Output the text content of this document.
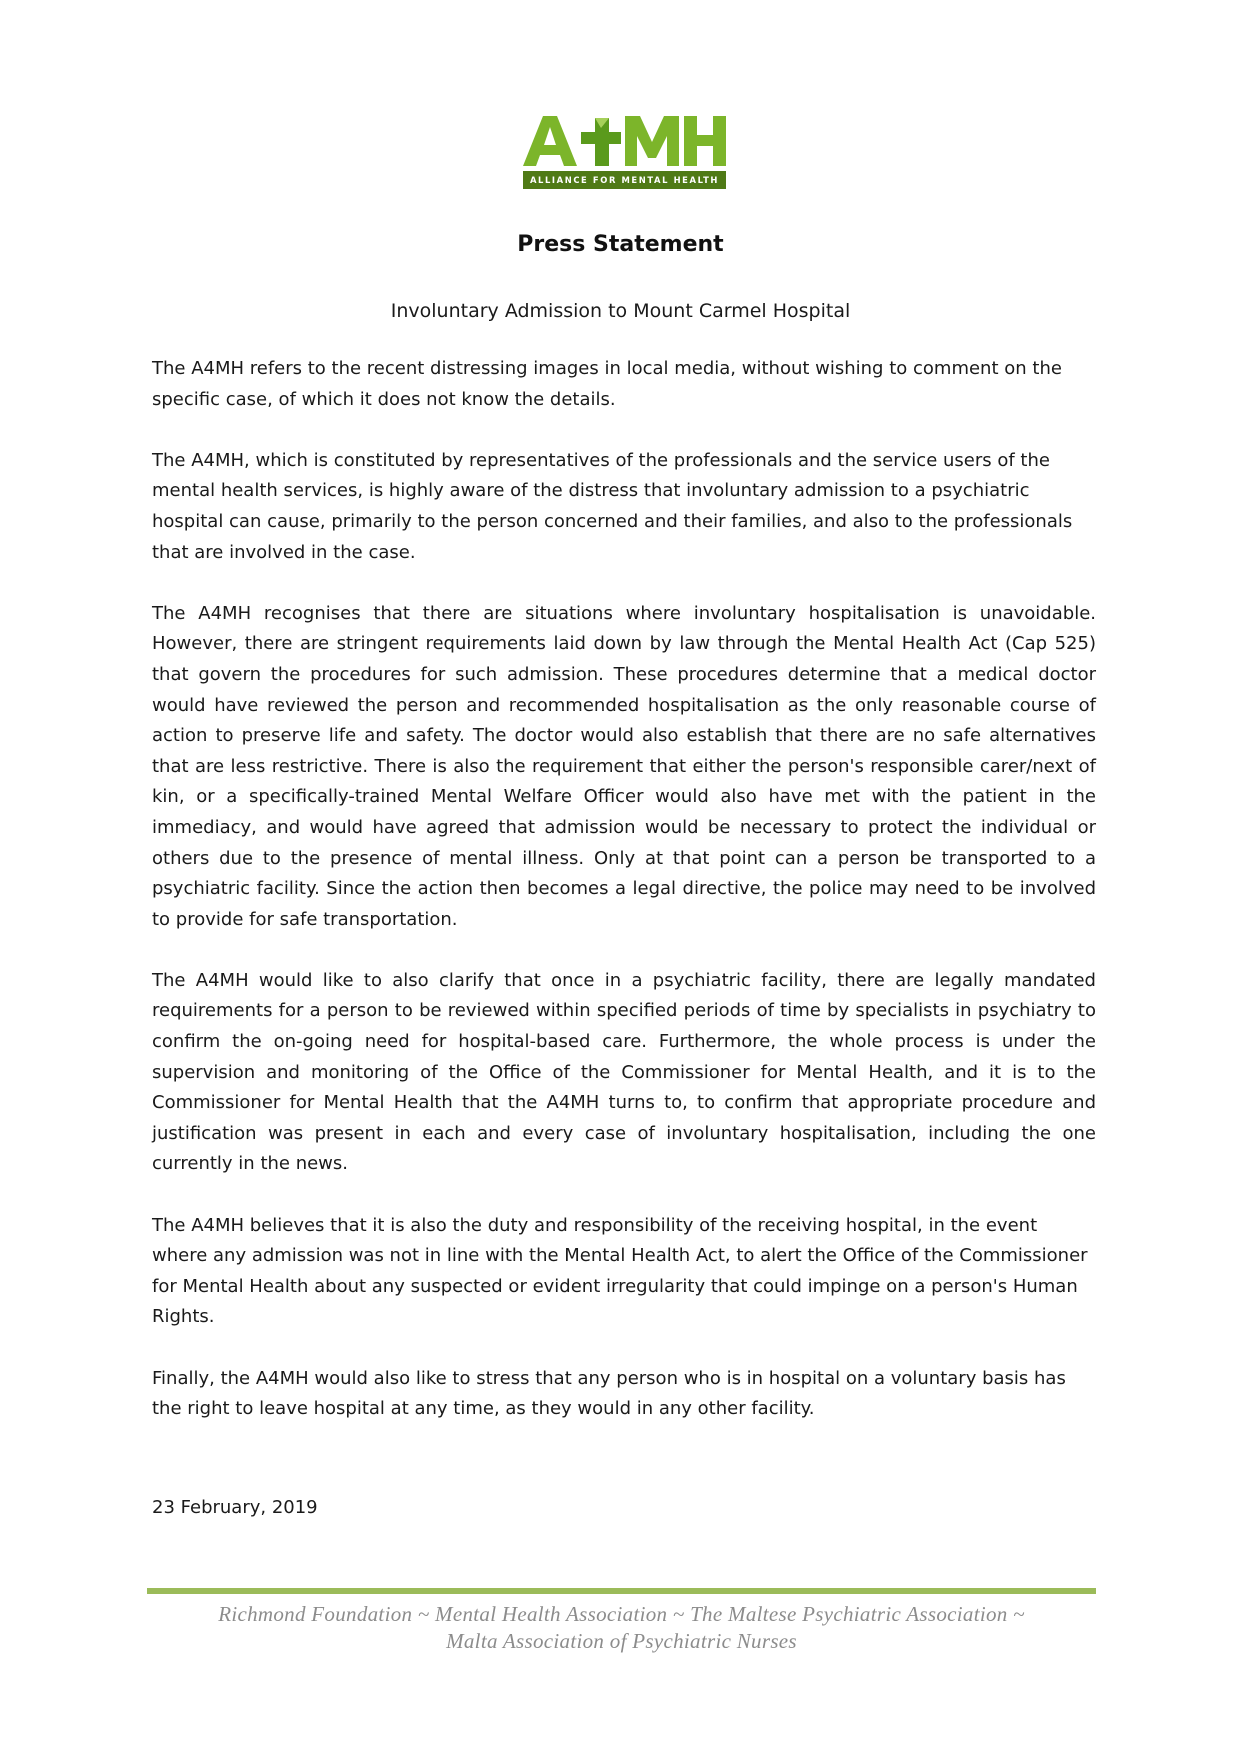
ALLIANCE FOR MENTAL HEALTH
Press Statement
Involuntary Admission to Mount Carmel Hospital

The A4MH refers to the recent distressing images in local media, without wishing to comment on the specific case, of which it does not know the details.

The A4MH, which is constituted by representatives of the professionals and the service users of the mental health services, is highly aware of the distress that involuntary admission to a psychiatric hospital can cause, primarily to the person concerned and their families, and also to the professionals that are involved in the case.

The A4MH recognises that there are situations where involuntary hospitalisation is unavoidable. However, there are stringent requirements laid down by law through the Mental Health Act (Cap 525) that govern the procedures for such admission. These procedures determine that a medical doctor would have reviewed the person and recommended hospitalisation as the only reasonable course of action to preserve life and safety. The doctor would also establish that there are no safe alternatives that are less restrictive. There is also the requirement that either the person's responsible carer/next of kin, or a specifically-trained Mental Welfare Officer would also have met with the patient in the immediacy, and would have agreed that admission would be necessary to protect the individual or others due to the presence of mental illness. Only at that point can a person be transported to a psychiatric facility. Since the action then becomes a legal directive, the police may need to be involved to provide for safe transportation.

The A4MH would like to also clarify that once in a psychiatric facility, there are legally mandated requirements for a person to be reviewed within specified periods of time by specialists in psychiatry to confirm the on-going need for hospital-based care. Furthermore, the whole process is under the supervision and monitoring of the Office of the Commissioner for Mental Health, and it is to the Commissioner for Mental Health that the A4MH turns to, to confirm that appropriate procedure and justification was present in each and every case of involuntary hospitalisation, including the one currently in the news.

The A4MH believes that it is also the duty and responsibility of the receiving hospital, in the event where any admission was not in line with the Mental Health Act, to alert the Office of the Commissioner for Mental Health about any suspected or evident irregularity that could impinge on a person's Human Rights.

Finally, the A4MH would also like to stress that any person who is in hospital on a voluntary basis has the right to leave hospital at any time, as they would in any other facility.

23 February, 2019
Richmond Foundation ~ Mental Health Association ~ The Maltese Psychiatric Association ~
Malta Association of Psychiatric Nurses
